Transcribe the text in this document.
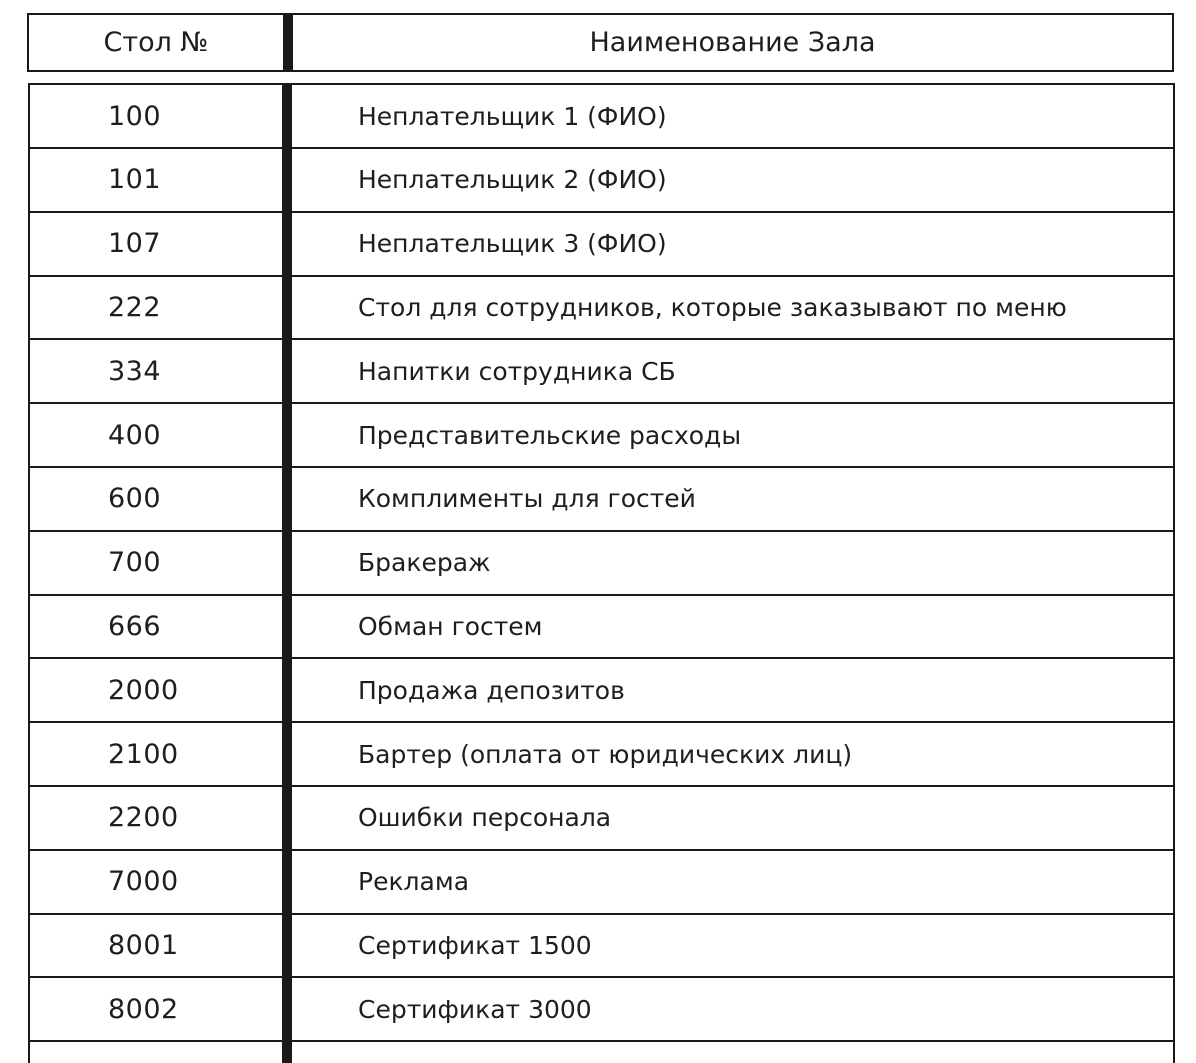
Стол №	Наименование Зала
100	Неплательщик 1 (ФИО)
101	Неплательщик 2 (ФИО)
107	Неплательщик 3 (ФИО)
222	Стол для сотрудников, которые заказывают по меню
334	Напитки сотрудника СБ
400	Представительские расходы
600	Комплименты для гостей
700	Бракераж
666	Обман гостем
2000	Продажа депозитов
2100	Бартер (оплата от юридических лиц)
2200	Ошибки персонала
7000	Реклама
8001	Сертификат 1500
8002	Сертификат 3000
